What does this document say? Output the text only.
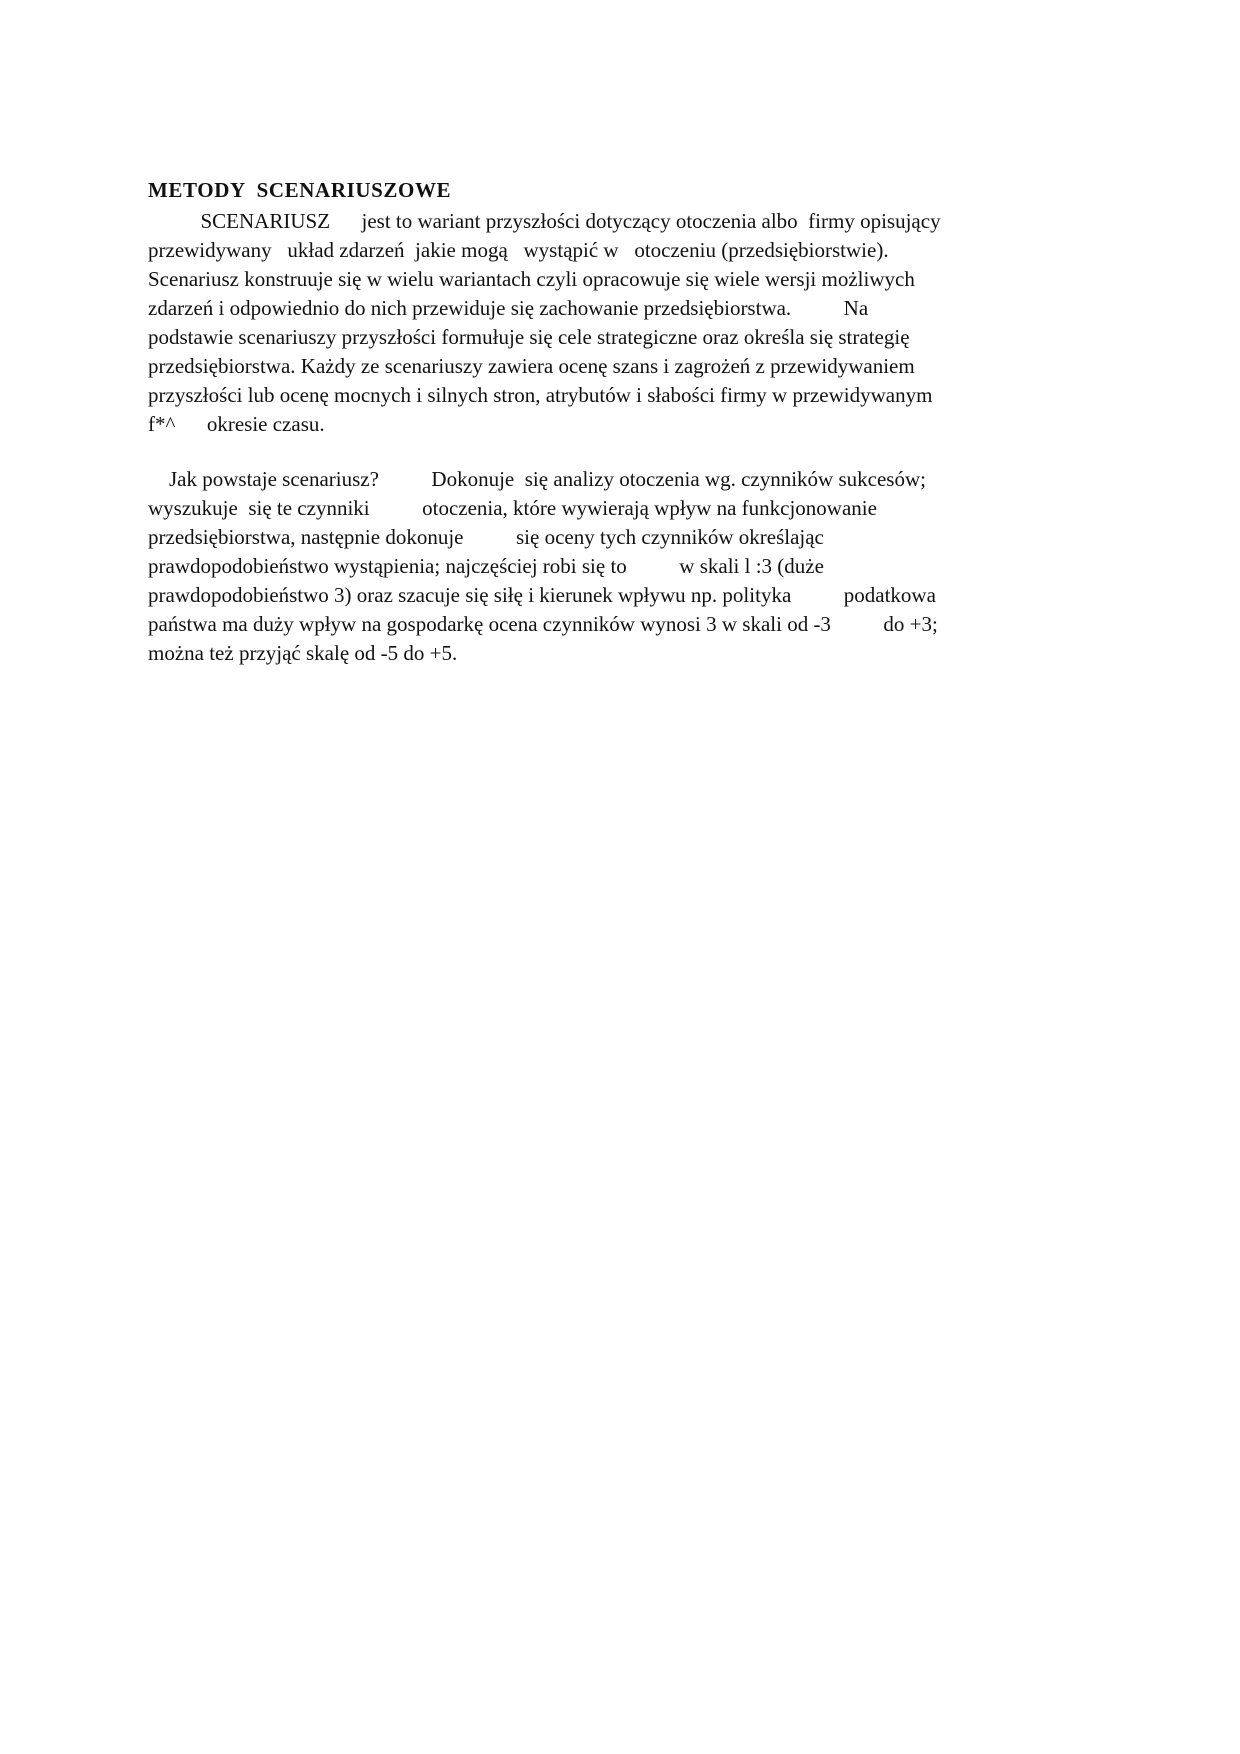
METODY  SCENARIUSZOWE

SCENARIUSZ      jest to wariant przyszłości dotyczący otoczenia albo  firmy opisujący

przewidywany   układ zdarzeń  jakie mogą   wystąpić w   otoczeniu (przedsiębiorstwie).

Scenariusz konstruuje się w wielu wariantach czyli opracowuje się wiele wersji możliwych

zdarzeń i odpowiednio do nich przewiduje się zachowanie przedsiębiorstwa.          Na

podstawie scenariuszy przyszłości formułuje się cele strategiczne oraz określa się strategię

przedsiębiorstwa. Każdy ze scenariuszy zawiera ocenę szans i zagrożeń z przewidywaniem

przyszłości lub ocenę mocnych i silnych stron, atrybutów i słabości firmy w przewidywanym

f*^      okresie czasu.

Jak powstaje scenariusz?          Dokonuje  się analizy otoczenia wg. czynników sukcesów;

wyszukuje  się te czynniki          otoczenia, które wywierają wpływ na funkcjonowanie

przedsiębiorstwa, następnie dokonuje          się oceny tych czynników określając

prawdopodobieństwo wystąpienia; najczęściej robi się to          w skali l :3 (duże

prawdopodobieństwo 3) oraz szacuje się siłę i kierunek wpływu np. polityka          podatkowa

państwa ma duży wpływ na gospodarkę ocena czynników wynosi 3 w skali od -3          do +3;

można też przyjąć skalę od -5 do +5.
